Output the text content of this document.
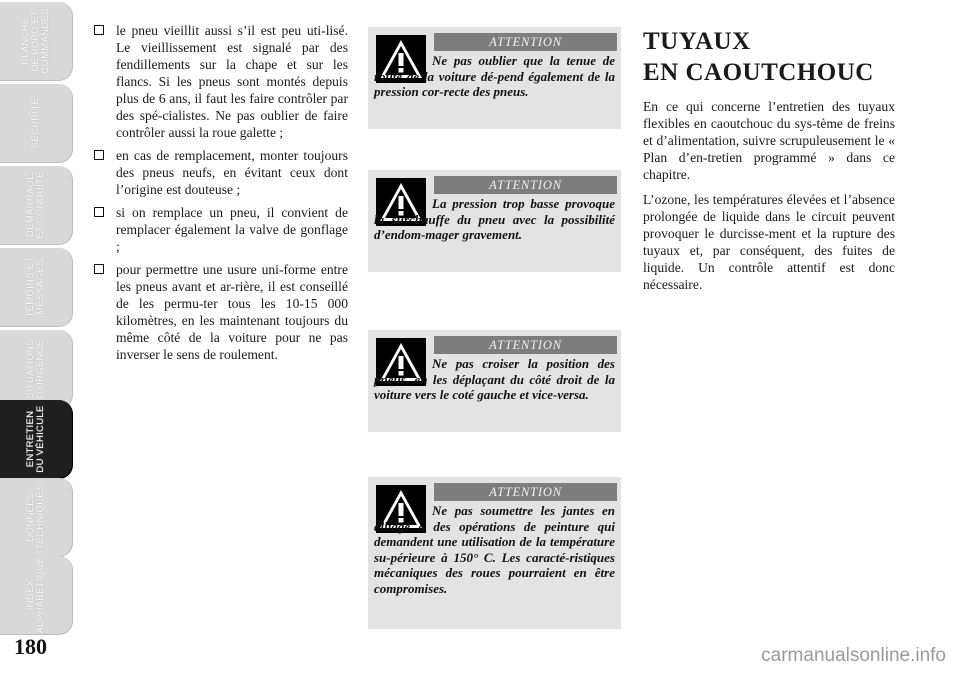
PLANCHE
DE BORD ET
COMMANDES
SÉCURITÉ
DÉMARRAGE
ET CONDUITE
TÉMOINS ET
MESSAGES
SITUATIONS
D'URGENCE
ENTRETIEN
DU VÉHICULE
DONNÉES
TECHNIQUES
INDEX
ALPHABÉTIQUE
180
le pneu vieillit aussi s’il est peu uti-lisé. Le vieillissement est signalé par des fendillements sur la chape et sur les flancs. Si les pneus sont montés depuis plus de 6 ans, il faut les faire contrôler par des spé-cialistes. Ne pas oublier de faire contrôler aussi la roue galette ;
en cas de remplacement, monter toujours des pneus neufs, en évitant ceux dont l’origine est douteuse ;
si on remplace un pneu, il convient de remplacer également la valve de gonflage ;
pour permettre une usure uni-forme entre les pneus avant et ar-rière, il est conseillé de les permu-ter tous les 10-15 000 kilomètres, en les maintenant toujours du même côté de la voiture pour ne pas inverser le sens de roulement.
ATTENTION
Ne pas oublier que la tenue de route de la voiture dé-pend également de la pression cor-recte des pneus.
ATTENTION
La pression trop basse provoque la surchauffe du pneu avec la possibilité d’endom-mager gravement.
ATTENTION
Ne pas croiser la position des pneus, en les déplaçant du côté droit de la voiture vers le coté gauche et vice-versa.
ATTENTION
Ne pas soumettre les jantes en alliage à des opérations de peinture qui demandent une utilisation de la température su-périeure à 150° C. Les caracté-ristiques mécaniques des roues pourraient en être compromises.
TUYAUX
EN CAOUTCHOUC

En ce qui concerne l’entretien des tuyaux flexibles en caoutchouc du sys-tème de freins et d’alimentation, suivre scrupuleusement le « Plan d’en-tretien programmé » dans ce chapitre.

L’ozone, les températures élevées et l’absence prolongée de liquide dans le circuit peuvent provoquer le durcisse-ment et la rupture des tuyaux et, par conséquent, des fuites de liquide. Un contrôle attentif est donc nécessaire.

carmanualsonline.info
